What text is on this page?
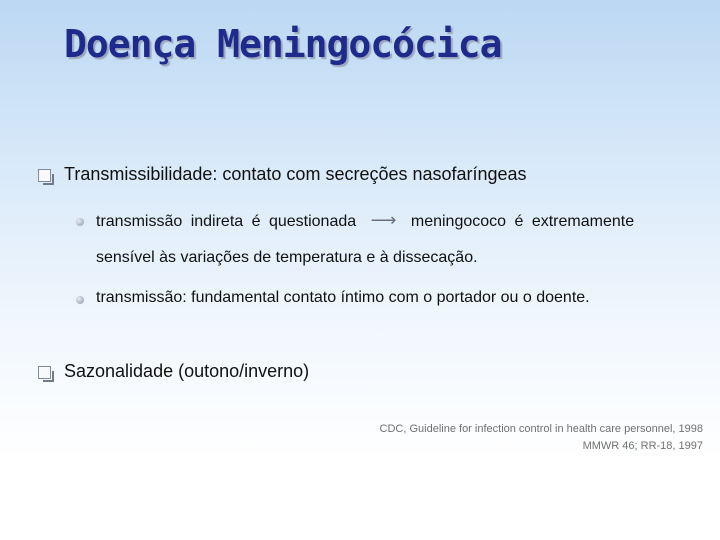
Doença Meningocócica
Transmissibilidade: contato com secreções nasofaríngeas
transmissão indireta é questionada ⟶ meningococo é extremamente
sensível às variações de temperatura e à dissecação.
transmissão: fundamental contato íntimo com o portador ou o doente.
Sazonalidade (outono/inverno)
CDC, Guideline for infection control in health care personnel, 1998
MMWR 46; RR-18, 1997
